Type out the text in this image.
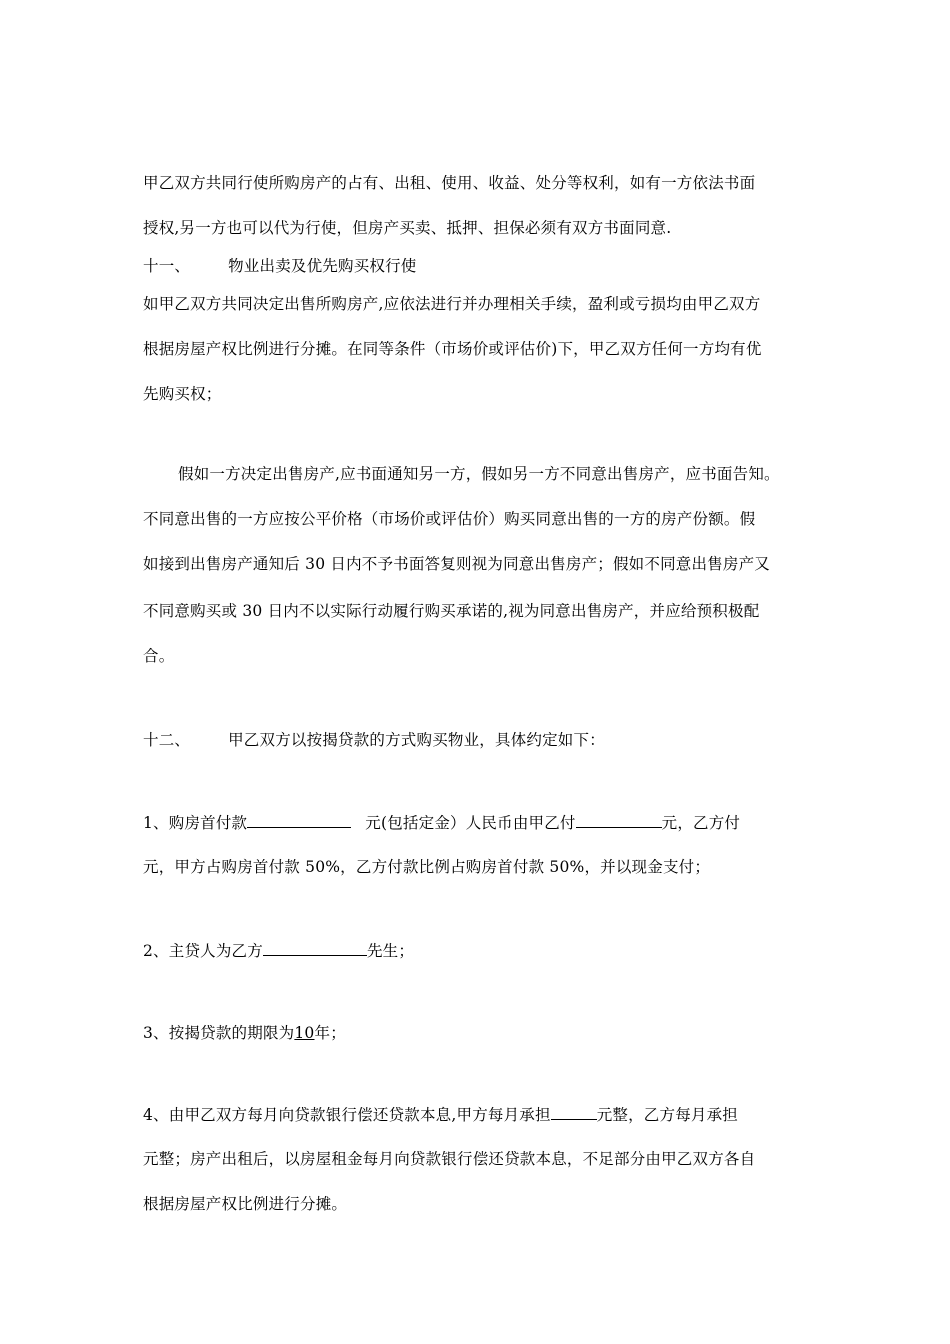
甲乙双方共同行使所购房产的占有、出租、使用、收益、处分等权利，如有一方依法书面
授权,另一方也可以代为行使，但房产买卖、抵押、担保必须有双方书面同意.
十一、 物业出卖及优先购买权行使
如甲乙双方共同决定出售所购房产,应依法进行并办理相关手续，盈利或亏损均由甲乙双方
根据房屋产权比例进行分摊。在同等条件（市场价或评估价)下，甲乙双方任何一方均有优
先购买权；
假如一方决定出售房产,应书面通知另一方，假如另一方不同意出售房产，应书面告知。
不同意出售的一方应按公平价格（市场价或评估价）购买同意出售的一方的房产份额。假
如接到出售房产通知后 30 日内不予书面答复则视为同意出售房产；假如不同意出售房产又
不同意购买或 30 日内不以实际行动履行购买承诺的,视为同意出售房产，并应给预积极配
合。
十二、 甲乙双方以按揭贷款的方式购买物业，具体约定如下：
1、购房首付款	元(包括定金）人民币由甲乙付	元，乙方付
元，甲方占购房首付款 50%，乙方付款比例占购房首付款 50%，并以现金支付；
2、主贷人为乙方	先生；
3、按揭贷款的期限为10年；
4、由甲乙双方每月向贷款银行偿还贷款本息,甲方每月承担	元整，乙方每月承担
元整；房产出租后，以房屋租金每月向贷款银行偿还贷款本息，不足部分由甲乙双方各自
根据房屋产权比例进行分摊。
